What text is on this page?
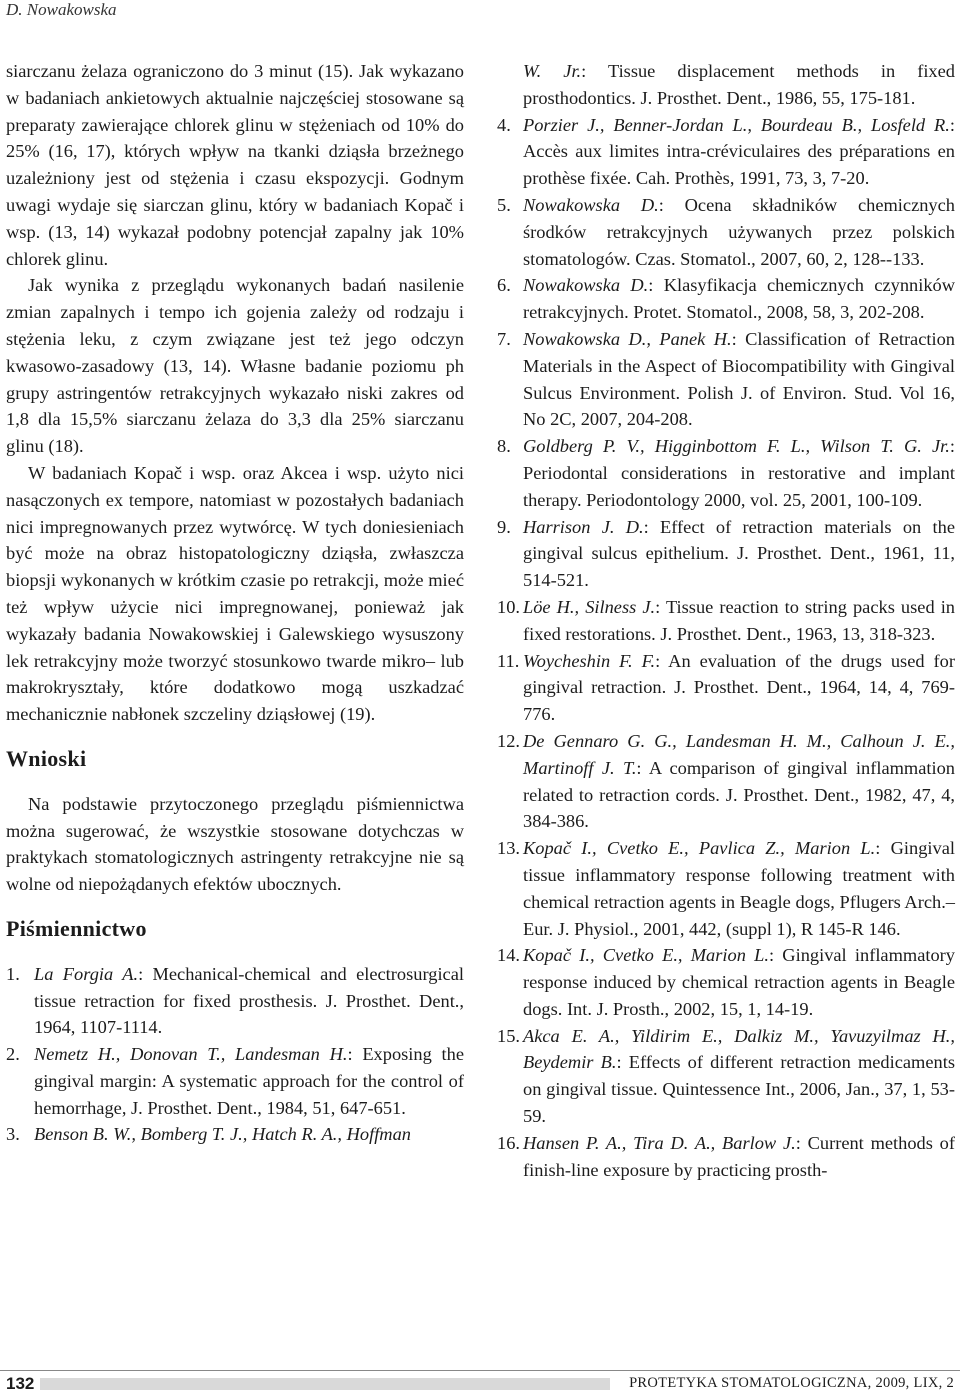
D. Nowakowska

siarczanu żelaza ograniczono do 3 minut (15). Jak wykazano w badaniach ankietowych aktualnie najczęściej stosowane są preparaty zawierające chlorek glinu w stężeniach od 10% do 25% (16, 17), których wpływ na tkanki dziąsła brzeżnego uzależniony jest od stężenia i czasu ekspozycji. Godnym uwagi wydaje się siarczan glinu, który w badaniach Kopač i wsp. (13, 14) wykazał podobny potencjał zapalny jak 10% chlorek glinu.

Jak wynika z przeglądu wykonanych badań nasilenie zmian zapalnych i tempo ich gojenia zależy od rodzaju i stężenia leku, z czym związane jest też jego odczyn kwasowo-zasadowy (13, 14). Własne badanie poziomu ph grupy astringentów retrakcyjnych wykazało niski zakres od 1,8 dla 15,5% siarczanu żelaza do 3,3 dla 25% siarczanu glinu (18).

W badaniach Kopač i wsp. oraz Akcea i wsp. użyto nici nasączonych ex tempore, natomiast w pozostałych badaniach nici impregnowanych przez wytwórcę. W tych doniesieniach być może na obraz histopatologiczny dziąsła, zwłaszcza biopsji wykonanych w krótkim czasie po retrakcji, może mieć też wpływ użycie nici impregnowanej, ponieważ jak wykazały badania Nowakowskiej i Galewskiego wysuszony lek retrakcyjny może tworzyć stosunkowo twarde mikro– lub makrokryształy, które dodatkowo mogą uszkadzać mechanicznie nabłonek szczeliny dziąsłowej (19).

Wnioski

Na podstawie przytoczonego przeglądu piśmiennictwa można sugerować, że wszystkie stosowane dotychczas w praktykach stomatologicznych astringenty retrakcyjne nie są wolne od niepożądanych efektów ubocznych.

Piśmiennictwo
1. La Forgia A.: Mechanical-chemical and electrosurgical tissue retraction for fixed prosthesis. J. Prosthet. Dent., 1964, 1107-1114.
2. Nemetz H., Donovan T., Landesman H.: Exposing the gingival margin: A systematic approach for the control of hemorrhage, J. Prosthet. Dent., 1984, 51, 647-651.
3. Benson B. W., Bomberg T. J., Hatch R. A., Hoffman
W. Jr.: Tissue displacement methods in fixed prosthodontics. J. Prosthet. Dent., 1986, 55, 175-181.
4. Porzier J., Benner-Jordan L., Bourdeau B., Losfeld R.: Accès aux limites intra-créviculaires des préparations en prothèse fixée. Cah. Prothès, 1991, 73, 3, 7-20.
5. Nowakowska D.: Ocena składników chemicznych środków retrakcyjnych używanych przez polskich stomatologów. Czas. Stomatol., 2007, 60, 2, 128--133.
6. Nowakowska D.: Klasyfikacja chemicznych czynników retrakcyjnych. Protet. Stomatol., 2008, 58, 3, 202-208.
7. Nowakowska D., Panek H.: Classification of Retraction Materials in the Aspect of Biocompatibility with Gingival Sulcus Environment. Polish J. of Environ. Stud. Vol 16, No 2C, 2007, 204-208.
8. Goldberg P. V., Higginbottom F. L., Wilson T. G. Jr.: Periodontal considerations in restorative and implant therapy. Periodontology 2000, vol. 25, 2001, 100-109.
9. Harrison J. D.: Effect of retraction materials on the gingival sulcus epithelium. J. Prosthet. Dent., 1961, 11, 514-521.
10. Löe H., Silness J.: Tissue reaction to string packs used in fixed restorations. J. Prosthet. Dent., 1963, 13, 318-323.
11. Woycheshin F. F.: An evaluation of the drugs used for gingival retraction. J. Prosthet. Dent., 1964, 14, 4, 769-776.
12. De Gennaro G. G., Landesman H. M., Calhoun J. E., Martinoff J. T.: A comparison of gingival inflammation related to retraction cords. J. Prosthet. Dent., 1982, 47, 4, 384-386.
13. Kopač I., Cvetko E., Pavlica Z., Marion L.: Gingival tissue inflammatory response following treatment with chemical retraction agents in Beagle dogs, Pflugers Arch.– Eur. J. Physiol., 2001, 442, (suppl 1), R 145-R 146.
14. Kopač I., Cvetko E., Marion L.: Gingival inflammatory response induced by chemical retraction agents in Beagle dogs. Int. J. Prosth., 2002, 15, 1, 14-19.
15. Akca E. A., Yildirim E., Dalkiz M., Yavuzyilmaz H., Beydemir B.: Effects of different retraction medicaments on gingival tissue. Quintessence Int., 2006, Jan., 37, 1, 53-59.
16. Hansen P. A., Tira D. A., Barlow J.: Current methods of finish-line exposure by practicing prosth-
132	PROTETYKA STOMATOLOGICZNA, 2009, LIX, 2
